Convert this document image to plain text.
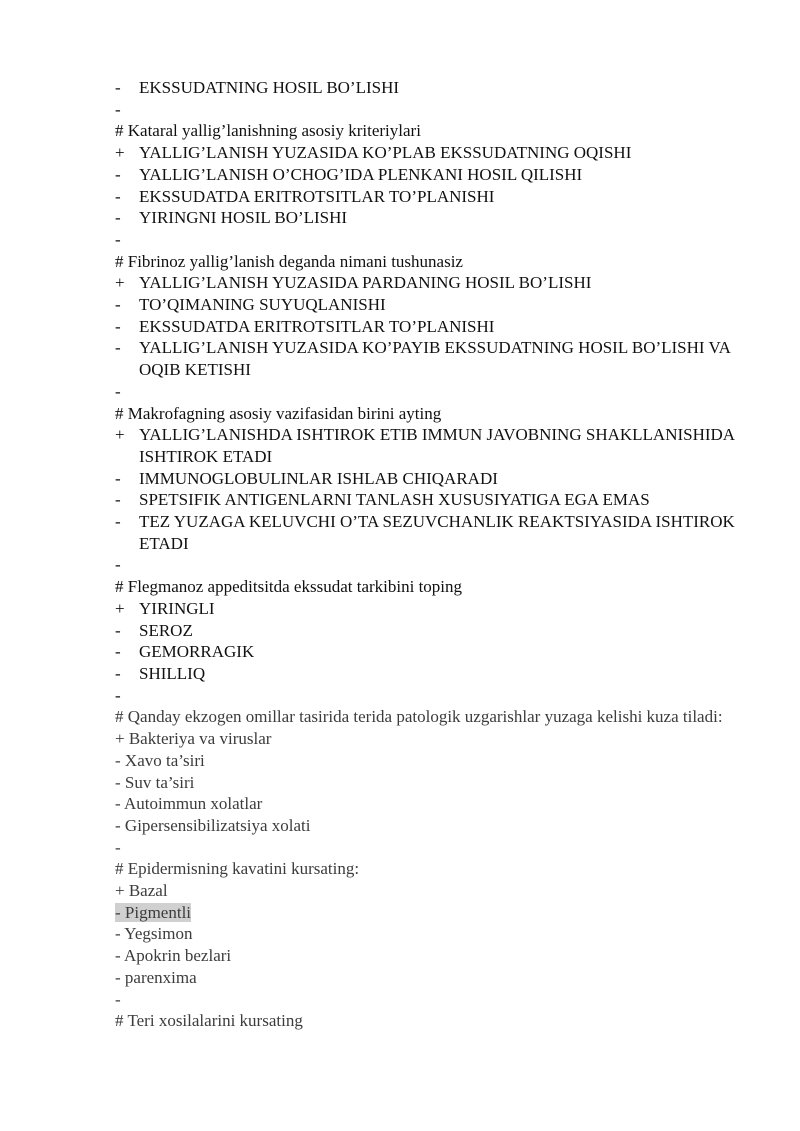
-	EKSSUDATNING HOSIL BO’LISHI
-
# Kataral yallig’lanishning asosiy kriteriylari
+ YALLIG’LANISH YUZASIDA KO’PLAB EKSSUDATNING OQISHI
-	YALLIG’LANISH O’CHOG’IDA PLENKANI HOSIL QILISHI
-	EKSSUDATDA ERITROTSITLAR TO’PLANISHI
-	YIRINGNI HOSIL BO’LISHI
-
# Fibrinoz yallig’lanish deganda nimani tushunasiz
+ YALLIG’LANISH YUZASIDA PARDANING HOSIL BO’LISHI
-	TO’QIMANING SUYUQLANISHI
-	EKSSUDATDA ERITROTSITLAR TO’PLANISHI
-	YALLIG’LANISH YUZASIDA KO’PAYIB EKSSUDATNING HOSIL BO’LISHI VA OQIB KETISHI
-
# Makrofagning asosiy vazifasidan birini ayting
+ YALLIG’LANISHDA ISHTIROK ETIB IMMUN JAVOBNING SHAKLLANISHIDA ISHTIROK ETADI
-	IMMUNOGLOBULINLAR ISHLAB CHIQARADI
-	SPETSIFIK ANTIGENLARNI TANLASH XUSUSIYATIGA EGA EMAS
-	TEZ YUZAGA KELUVCHI O’TA SEZUVCHANLIK REAKTSIYASIDA ISHTIROK ETADI
-
# Flegmanoz appeditsitda ekssudat tarkibini toping
+ YIRINGLI
-	SEROZ
-	GEMORRAGIK
-	SHILLIQ
-
# Qanday ekzogen omillar tasirida terida patologik uzgarishlar yuzaga kelishi kuza tiladi:
+ Bakteriya va viruslar
- Xavo ta’siri
- Suv ta’siri
- Autoimmun xolatlar
- Gipersensibilizatsiya xolati
-
# Epidermisning kavatini kursating:
+ Bazal
- Pigmentli
- Yegsimon
- Apokrin bezlari
- parenxima
-
# Teri xosilalarini kursating
